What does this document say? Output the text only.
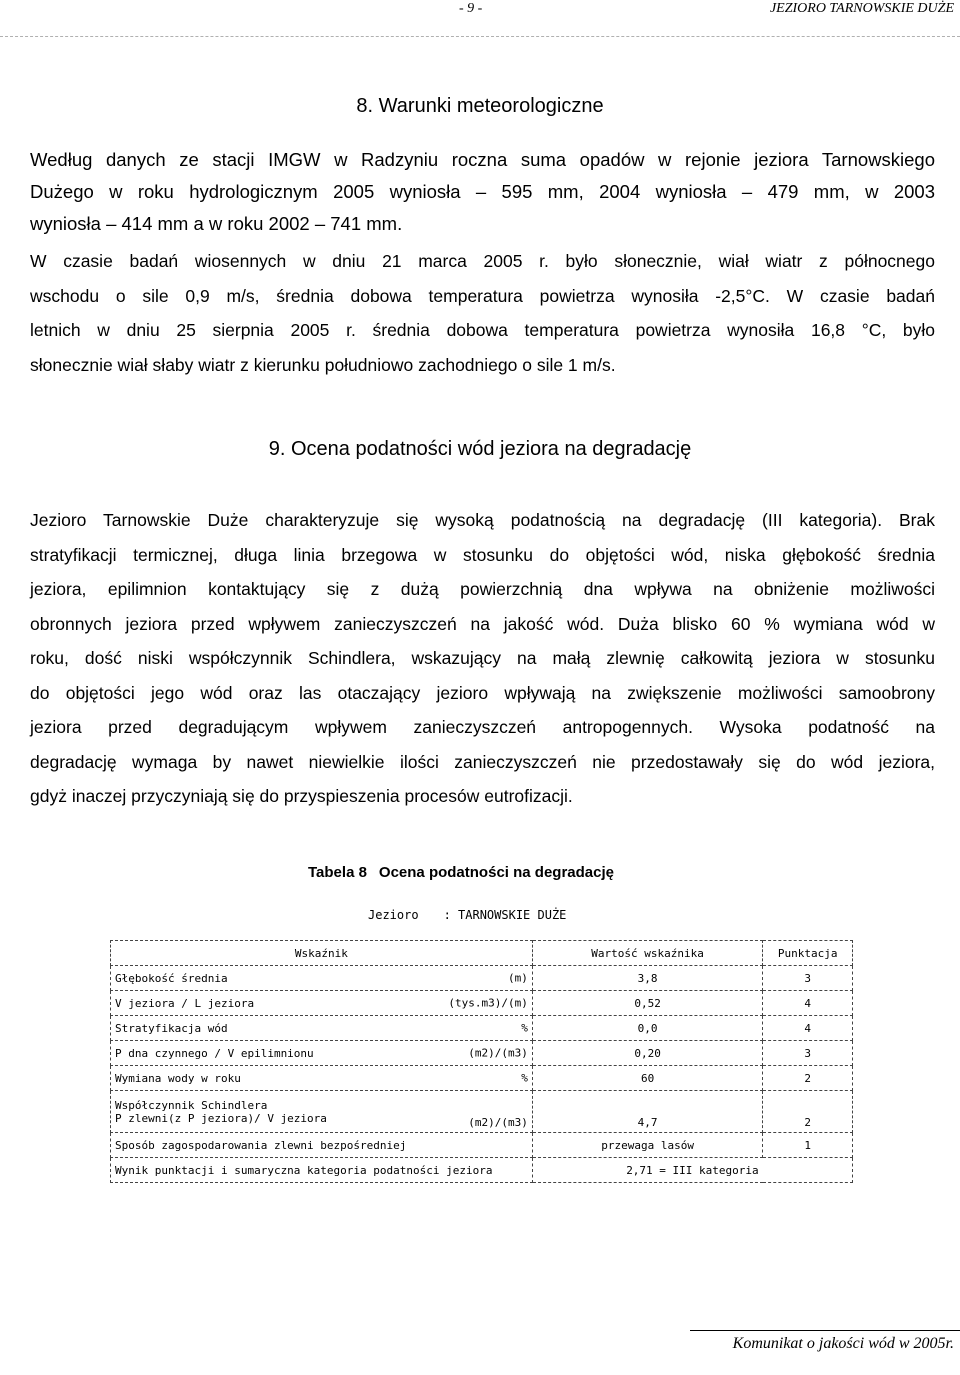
- 9 -	JEZIORO TARNOWSKIE DUŻE
8. Warunki meteorologiczne
Według danych ze stacji IMGW w Radzyniu roczna suma opadów w rejonie jeziora Tarnowskiego
Dużego w roku hydrologicznym 2005 wyniosła – 595 mm, 2004 wyniosła – 479 mm, w 2003
wyniosła – 414 mm a w roku 2002 – 741 mm.
W czasie badań wiosennych w dniu 21 marca 2005 r. było słonecznie, wiał wiatr z północnego
wschodu o sile 0,9 m/s, średnia dobowa temperatura powietrza wynosiła -2,5°C. W czasie badań
letnich w dniu 25 sierpnia 2005 r. średnia dobowa temperatura powietrza wynosiła 16,8 °C, było
słonecznie wiał słaby wiatr z kierunku południowo zachodniego o sile 1 m/s.
9. Ocena podatności wód jeziora na degradację
Jezioro Tarnowskie Duże charakteryzuje się wysoką podatnością na degradację (III kategoria). Brak
stratyfikacji termicznej, długa linia brzegowa w stosunku do objętości wód, niska głębokość średnia
jeziora, epilimnion kontaktujący się z dużą powierzchnią dna wpływa na obniżenie możliwości
obronnych jeziora przed wpływem zanieczyszczeń na jakość wód. Duża blisko 60 % wymiana wód w
roku, dość niski współczynnik Schindlera, wskazujący na małą zlewnię całkowitą jeziora w stosunku
do objętości jego wód oraz las otaczający jezioro wpływają na zwiększenie możliwości samoobrony
jeziora przed degradującym wpływem zanieczyszczeń antropogennych. Wysoka podatność na
degradację wymaga by nawet niewielkie ilości zanieczyszczeń nie przedostawały się do wód jeziora,
gdyż inaczej przyczyniają się do przyspieszenia procesów eutrofizacji.
Tabela 8 Ocena podatności na degradację
Jezioro : TARNOWSKIE DUŻE
Wskaźnik	Wartość wskaźnika	Punktacja
Głębokość średnia (m)	3,8	3
V jeziora / L jeziora (tys.m3)/(m)	0,52	4
Stratyfikacja wód %	0,0	4
P dna czynnego / V epilimnionu (m2)/(m3)	0,20	3
Wymiana wody w roku %	60	2
Współczynnik Schindlera
P zlewni(z P jeziora)/ V jeziora (m2)/(m3)	4,7	2
Sposób zagospodarowania zlewni bezpośredniej	przewaga lasów	1
Wynik punktacji i sumaryczna kategoria podatności jeziora	2,71 = III kategoria	
Komunikat o jakości wód w 2005r.
